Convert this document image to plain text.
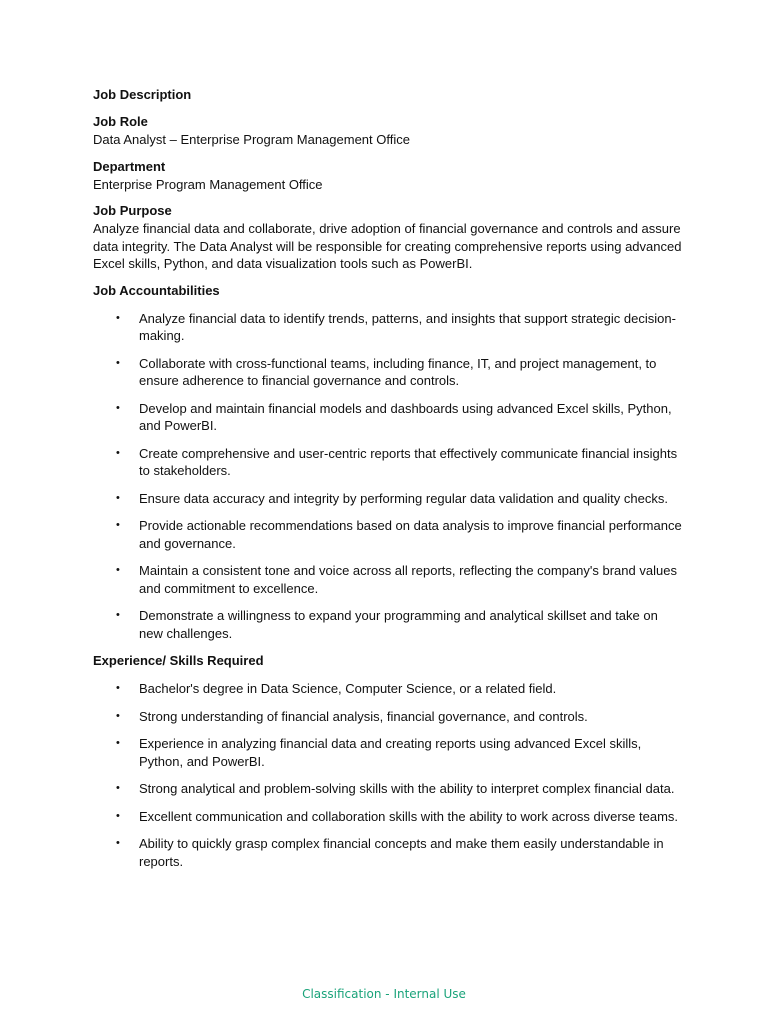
Job Description

Job Role

Data Analyst – Enterprise Program Management Office

Department

Enterprise Program Management Office

Job Purpose

Analyze financial data and collaborate, drive adoption of financial governance and controls and assure data integrity. The Data Analyst will be responsible for creating comprehensive reports using advanced Excel skills, Python, and data visualization tools such as PowerBI.

Job Accountabilities

• Analyze financial data to identify trends, patterns, and insights that support strategic decision-making.
• Collaborate with cross-functional teams, including finance, IT, and project management, to ensure adherence to financial governance and controls.
• Develop and maintain financial models and dashboards using advanced Excel skills, Python, and PowerBI.
• Create comprehensive and user-centric reports that effectively communicate financial insights to stakeholders.
• Ensure data accuracy and integrity by performing regular data validation and quality checks.
• Provide actionable recommendations based on data analysis to improve financial performance and governance.
• Maintain a consistent tone and voice across all reports, reflecting the company's brand values and commitment to excellence.
• Demonstrate a willingness to expand your programming and analytical skillset and take on new challenges.

Experience/ Skills Required

• Bachelor's degree in Data Science, Computer Science, or a related field.
• Strong understanding of financial analysis, financial governance, and controls.
• Experience in analyzing financial data and creating reports using advanced Excel skills, Python, and PowerBI.
• Strong analytical and problem-solving skills with the ability to interpret complex financial data.
• Excellent communication and collaboration skills with the ability to work across diverse teams.
• Ability to quickly grasp complex financial concepts and make them easily understandable in reports.
Classification - Internal Use
